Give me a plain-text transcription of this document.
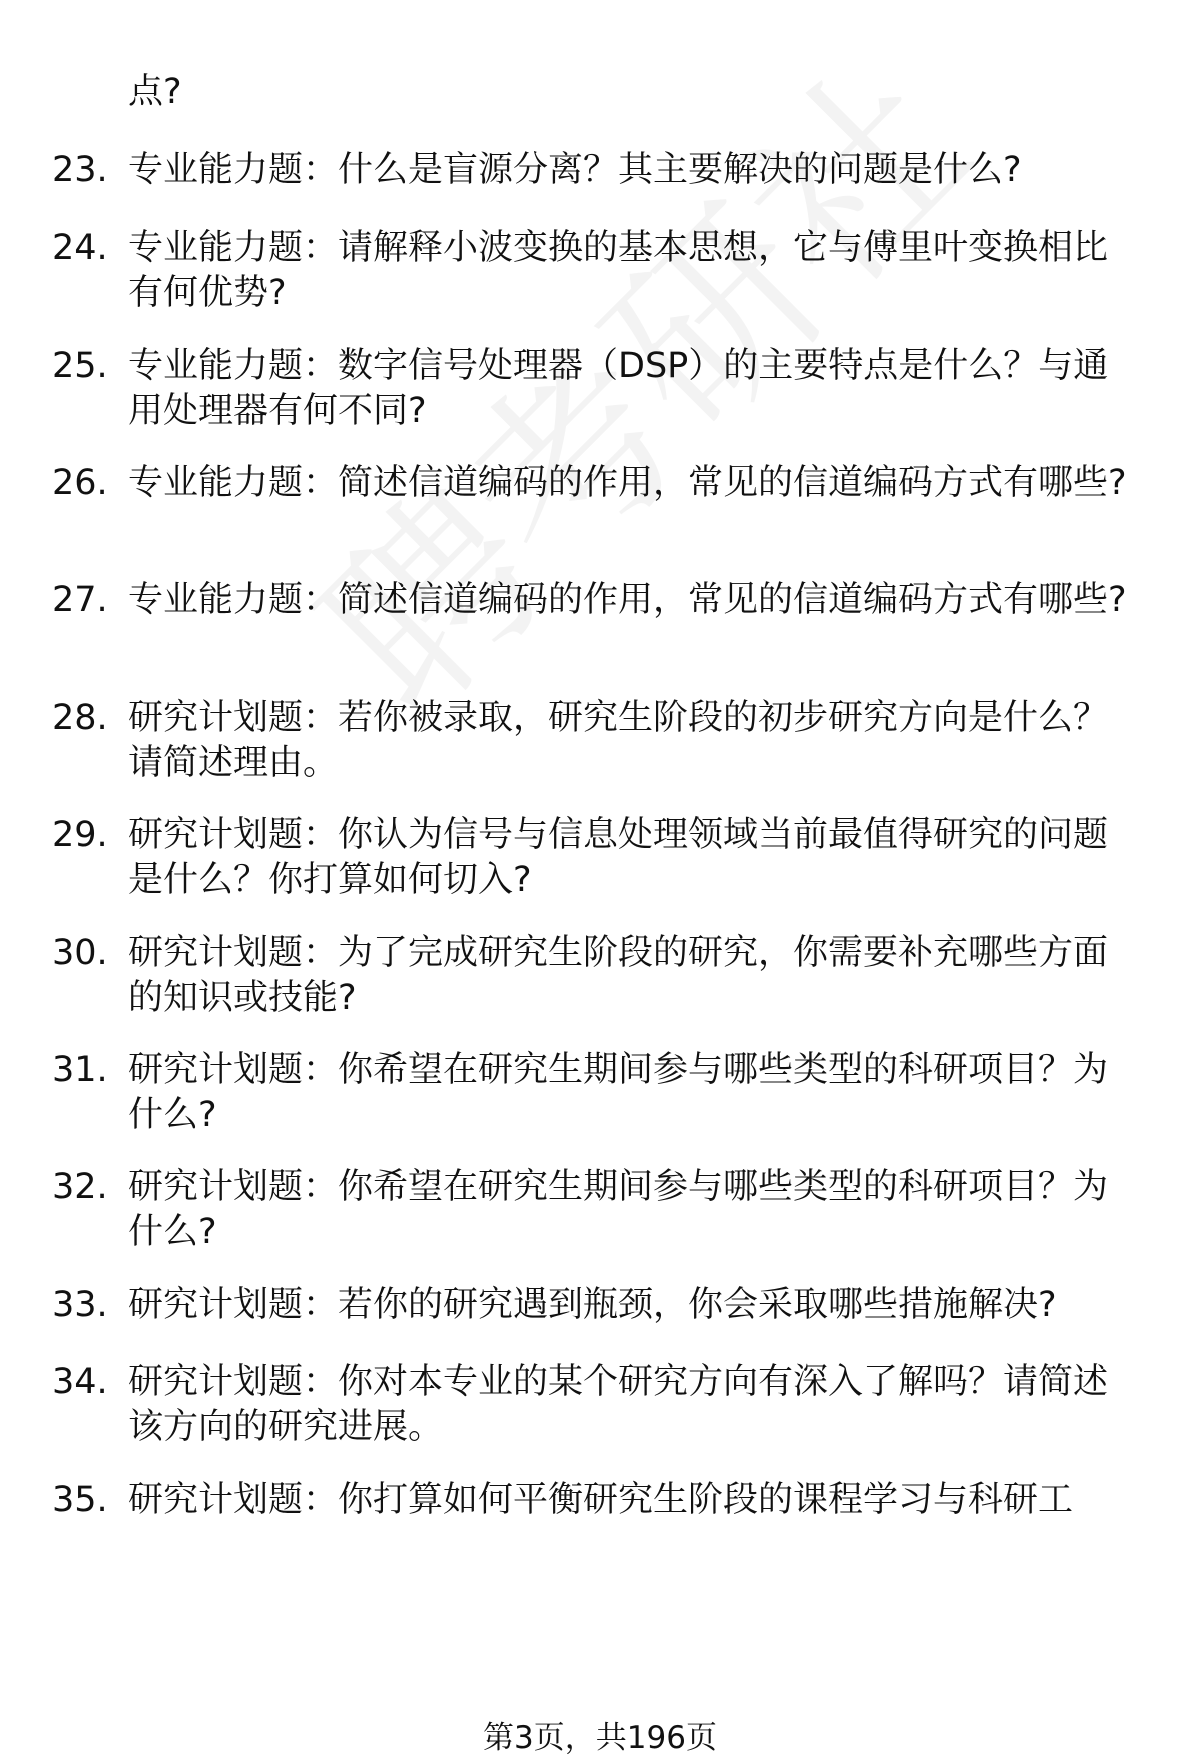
点?
23. 专业能力题：什么是盲源分离？其主要解决的问题是什么?
24. 专业能力题：请解释小波变换的基本思想，它与傅里叶变换相比有何优势?
25. 专业能力题：数字信号处理器（DSP）的主要特点是什么？与通用处理器有何不同?
26. 专业能力题：简述信道编码的作用，常见的信道编码方式有哪些?
27. 专业能力题：简述信道编码的作用，常见的信道编码方式有哪些?
28. 研究计划题：若你被录取，研究生阶段的初步研究方向是什么？请简述理由。
29. 研究计划题：你认为信号与信息处理领域当前最值得研究的问题是什么？你打算如何切入?
30. 研究计划题：为了完成研究生阶段的研究，你需要补充哪些方面的知识或技能?
31. 研究计划题：你希望在研究生期间参与哪些类型的科研项目？为什么?
32. 研究计划题：你希望在研究生期间参与哪些类型的科研项目？为什么?
33. 研究计划题：若你的研究遇到瓶颈，你会采取哪些措施解决?
34. 研究计划题：你对本专业的某个研究方向有深入了解吗？请简述该方向的研究进展。
35. 研究计划题：你打算如何平衡研究生阶段的课程学习与科研工
第3页，共196页
